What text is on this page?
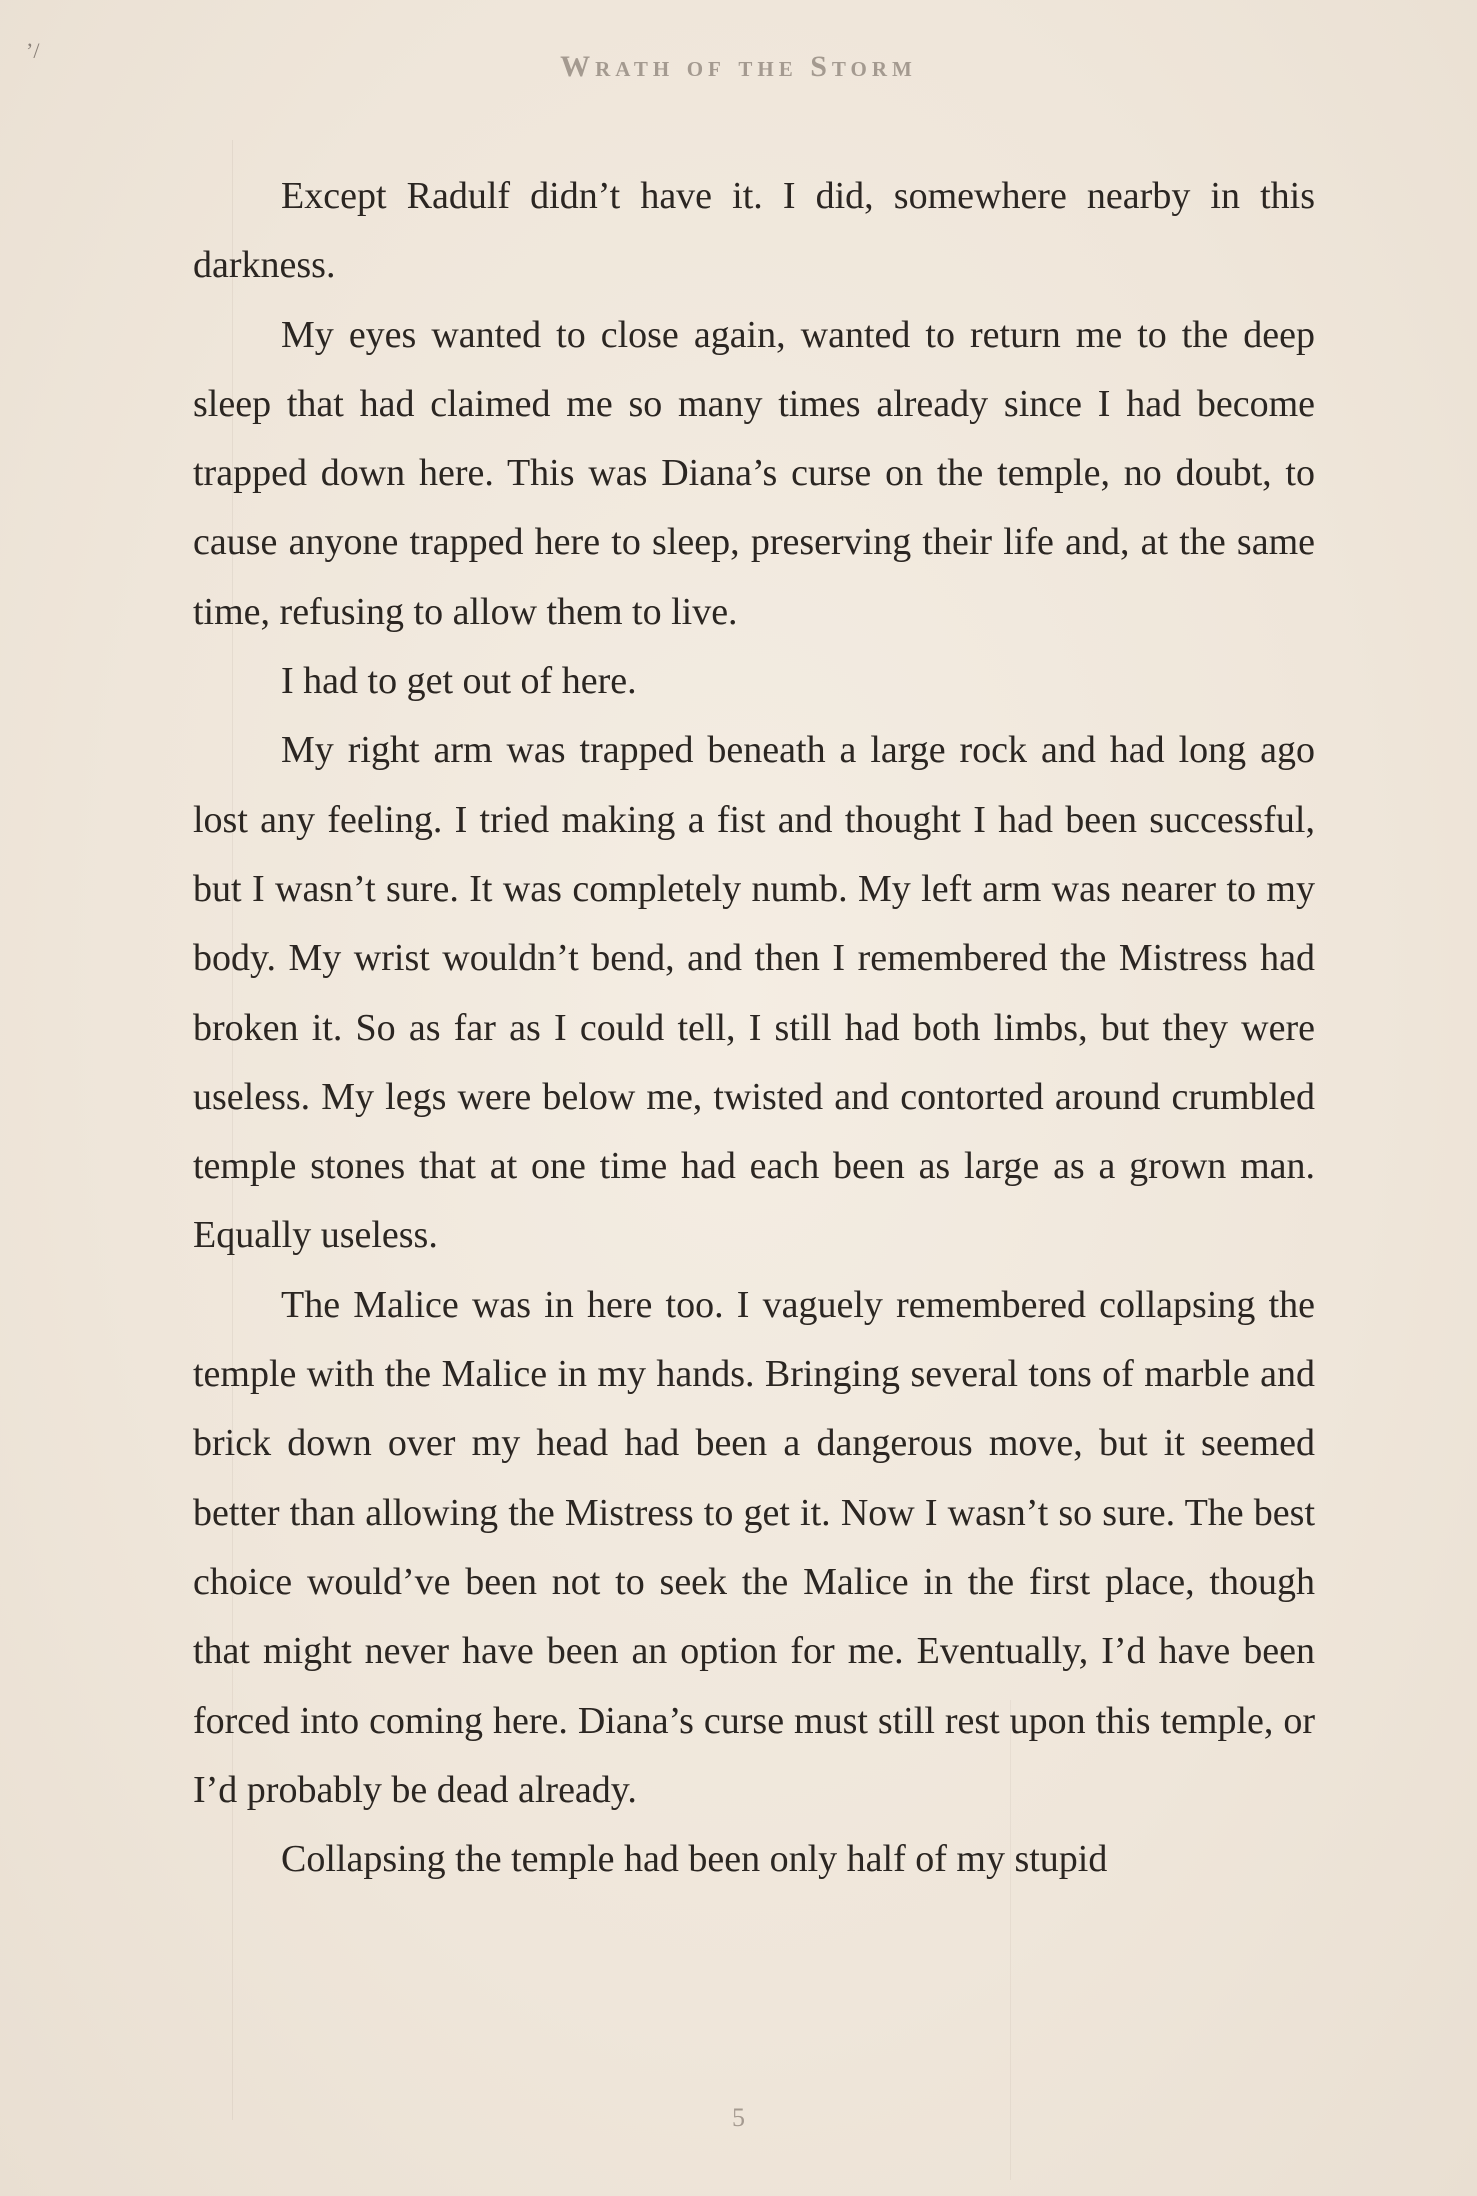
’/	Wrath of the Storm

Except Radulf didn’t have it. I did, somewhere nearby in this darkness.

My eyes wanted to close again, wanted to return me to the deep sleep that had claimed me so many times already since I had become trapped down here. This was Diana’s curse on the temple, no doubt, to cause anyone trapped here to sleep, preserving their life and, at the same time, refusing to allow them to live.

I had to get out of here.

My right arm was trapped beneath a large rock and had long ago lost any feeling. I tried making a fist and thought I had been successful, but I wasn’t sure. It was completely numb. My left arm was nearer to my body. My wrist wouldn’t bend, and then I remembered the Mistress had broken it. So as far as I could tell, I still had both limbs, but they were useless. My legs were below me, twisted and contorted around crumbled temple stones that at one time had each been as large as a grown man. Equally useless.

The Malice was in here too. I vaguely remembered collapsing the temple with the Malice in my hands. Bringing several tons of marble and brick down over my head had been a dangerous move, but it seemed better than allowing the Mistress to get it. Now I wasn’t so sure. The best choice would’ve been not to seek the Malice in the first place, though that might never have been an option for me. Eventually, I’d have been forced into coming here. Diana’s curse must still rest upon this temple, or I’d probably be dead already.

Collapsing the temple had been only half of my stupid

5
